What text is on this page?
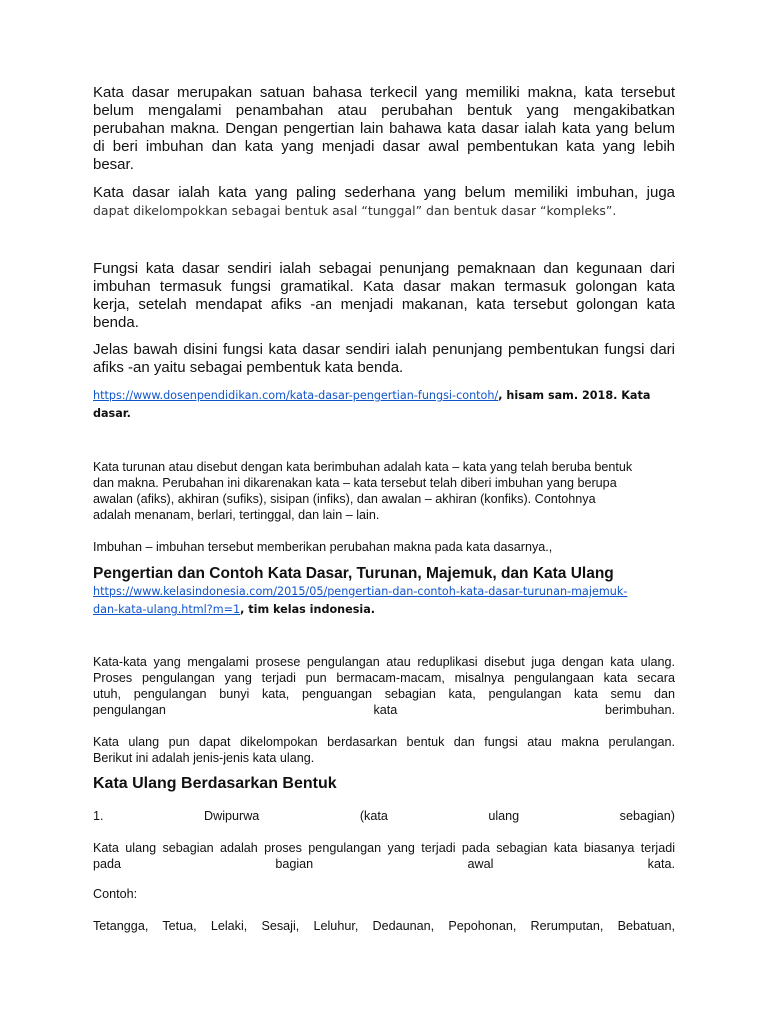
Kata dasar merupakan satuan bahasa terkecil yang memiliki makna, kata tersebut
belum mengalami penambahan atau perubahan bentuk yang mengakibatkan
perubahan makna. Dengan pengertian lain bahawa kata dasar ialah kata yang belum
di beri imbuhan dan kata yang menjadi dasar awal pembentukan kata yang lebih
besar.
Kata dasar ialah kata yang paling sederhana yang belum memiliki imbuhan, juga
dapat dikelompokkan sebagai bentuk asal “tunggal” dan bentuk dasar “kompleks”.
Fungsi kata dasar sendiri ialah sebagai penunjang pemaknaan dan kegunaan dari
imbuhan termasuk fungsi gramatikal. Kata dasar makan termasuk golongan kata
kerja, setelah mendapat afiks -an menjadi makanan, kata tersebut golongan kata
benda.
Jelas bawah disini fungsi kata dasar sendiri ialah penunjang pembentukan fungsi dari
afiks -an yaitu sebagai pembentuk kata benda.
https://www.dosenpendidikan.com/kata-dasar-pengertian-fungsi-contoh/, hisam sam. 2018. Kata
dasar.
Kata turunan atau disebut dengan kata berimbuhan adalah kata – kata yang telah beruba bentuk
dan makna. Perubahan ini dikarenakan kata – kata tersebut telah diberi imbuhan yang berupa
awalan (afiks), akhiran (sufiks), sisipan (infiks), dan awalan – akhiran (konfiks). Contohnya
adalah menanam, berlari, tertinggal, dan lain – lain.
Imbuhan – imbuhan tersebut memberikan perubahan makna pada kata dasarnya.,
Pengertian dan Contoh Kata Dasar, Turunan, Majemuk, dan Kata Ulang
https://www.kelasindonesia.com/2015/05/pengertian-dan-contoh-kata-dasar-turunan-majemuk-
dan-kata-ulang.html?m=1, tim kelas indonesia.
Kata-kata yang mengalami prosese pengulangan atau reduplikasi disebut juga dengan kata ulang.
Proses pengulangan yang terjadi pun bermacam-macam, misalnya pengulangaan kata secara
utuh, pengulangan bunyi kata, penguangan sebagian kata, pengulangan kata semu dan
pengulangan kata berimbuhan.
Kata ulang pun dapat dikelompokan berdasarkan bentuk dan fungsi atau makna perulangan.
Berikut ini adalah jenis-jenis kata ulang.
Kata Ulang Berdasarkan Bentuk
1. Dwipurwa (kata ulang sebagian)
Kata ulang sebagian adalah proses pengulangan yang terjadi pada sebagian kata biasanya terjadi
pada bagian awal kata.
Contoh:
Tetangga, Tetua, Lelaki, Sesaji, Leluhur, Dedaunan, Pepohonan, Rerumputan, Bebatuan,
